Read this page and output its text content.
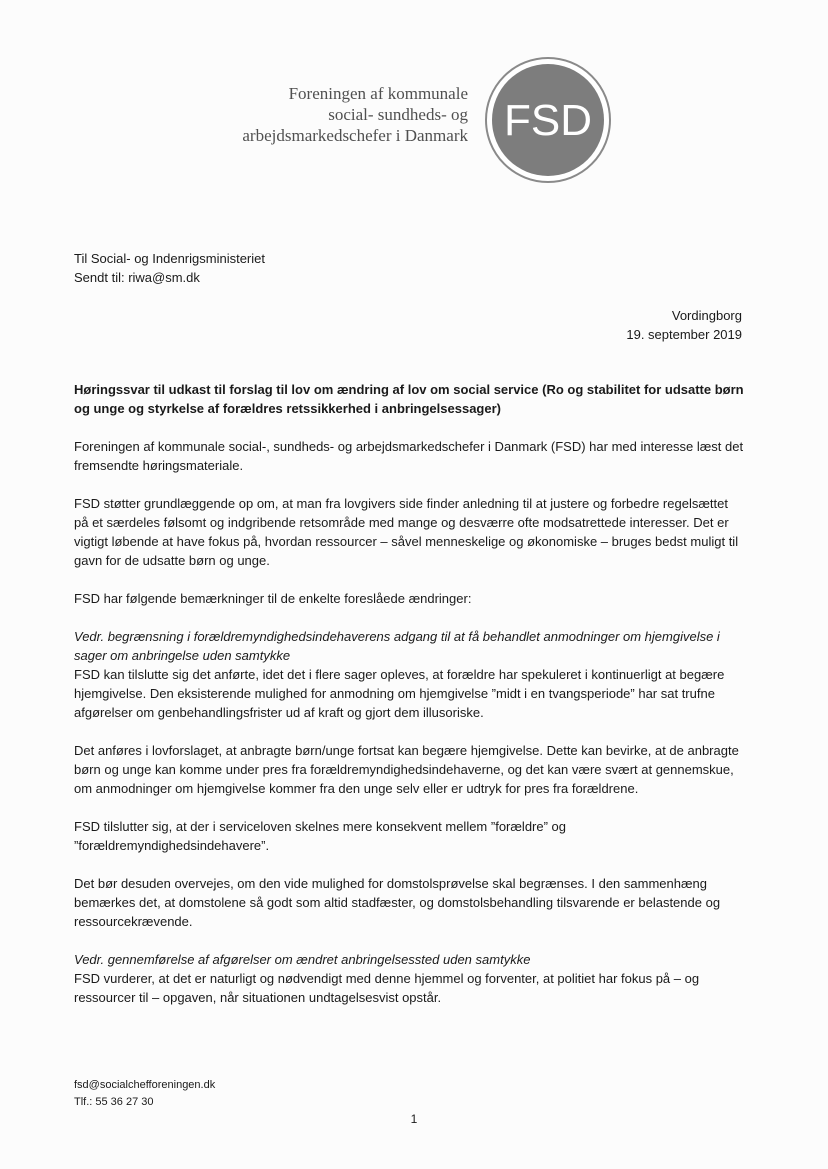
Foreningen af kommunale
social- sundheds- og
arbejdsmarkedschefer i Danmark FSD
Til Social- og Indenrigsministeriet
Sendt til: riwa@sm.dk
Vordingborg
19. september 2019

Høringssvar til udkast til forslag til lov om ændring af lov om social service (Ro og stabilitet for udsatte børn og unge og styrkelse af forældres retssikkerhed i anbringelsessager)

Foreningen af kommunale social-, sundheds- og arbejdsmarkedschefer i Danmark (FSD) har med interesse læst det fremsendte høringsmateriale.

FSD støtter grundlæggende op om, at man fra lovgivers side finder anledning til at justere og forbedre regelsættet på et særdeles følsomt og indgribende retsområde med mange og desværre ofte modsatrettede interesser. Det er vigtigt løbende at have fokus på, hvordan ressourcer – såvel menneskelige og økonomiske – bruges bedst muligt til gavn for de udsatte børn og unge.

FSD har følgende bemærkninger til de enkelte foreslåede ændringer:

Vedr. begrænsning i forældremyndighedsindehaverens adgang til at få behandlet anmodninger om hjemgivelse i sager om anbringelse uden samtykke
FSD kan tilslutte sig det anførte, idet det i flere sager opleves, at forældre har spekuleret i kontinuerligt at begære hjemgivelse. Den eksisterende mulighed for anmodning om hjemgivelse ”midt i en tvangsperiode” har sat trufne afgørelser om genbehandlingsfrister ud af kraft og gjort dem illusoriske.

Det anføres i lovforslaget, at anbragte børn/unge fortsat kan begære hjemgivelse. Dette kan bevirke, at de anbragte børn og unge kan komme under pres fra forældremyndighedsindehaverne, og det kan være svært at gennemskue, om anmodninger om hjemgivelse kommer fra den unge selv eller er udtryk for pres fra forældrene.

FSD tilslutter sig, at der i serviceloven skelnes mere konsekvent mellem ”forældre” og ”forældremyndighedsindehavere”.

Det bør desuden overvejes, om den vide mulighed for domstolsprøvelse skal begrænses. I den sammenhæng bemærkes det, at domstolene så godt som altid stadfæster, og domstolsbehandling tilsvarende er belastende og ressourcekrævende.

Vedr. gennemførelse af afgørelser om ændret anbringelsessted uden samtykke
FSD vurderer, at det er naturligt og nødvendigt med denne hjemmel og forventer, at politiet har fokus på – og ressourcer til – opgaven, når situationen undtagelsesvist opstår.

fsd@socialchefforeningen.dk
Tlf.: 55 36 27 30
1
